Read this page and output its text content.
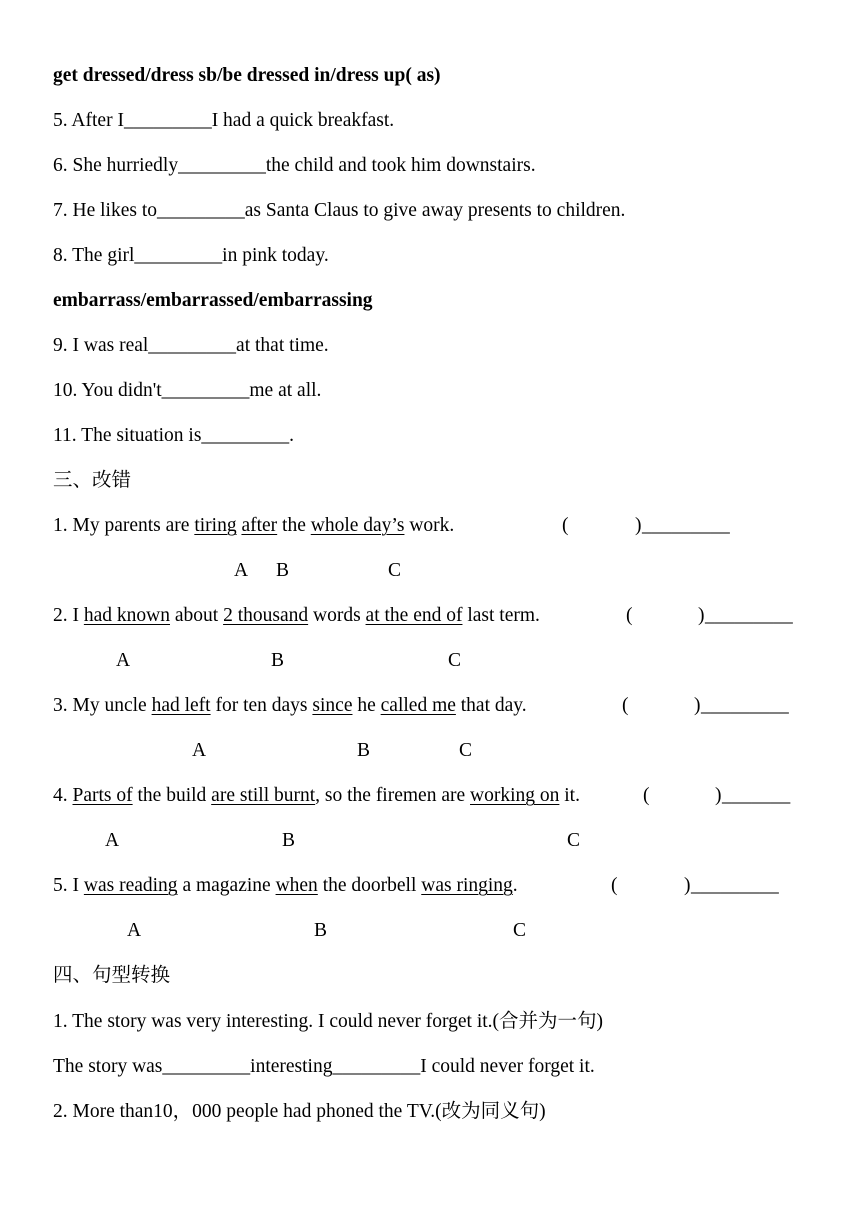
get dressed/dress sb/be dressed in/dress up( as)
5. After I_________I had a quick breakfast.
6. She hurriedly_________the child and took him downstairs.
7. He likes to_________as Santa Claus to give away presents to children.
8. The girl_________in pink today.
embarrass/embarrassed/embarrassing
9. I was real_________at that time.
10. You didn't_________me at all.
11. The situation is_________.
三、改错
1. My parents are tiring after the whole day’s work.	(	) _________
A B	C
2. I had known about 2 thousand words at the end of last term.	(	) _________
A	B	C
3. My uncle had left for ten days since he called me that day.	(	) _________
A	B	C
4. Parts of the build are still burnt, so the firemen are working on it.	(	) _______
A	B	C
5. I was reading a magazine when the doorbell was ringing.	(	) _________
A	B	C
四、句型转换
1. The story was very interesting. I could never forget it.(合并为一句)
The story was_________interesting_________I could never forget it.
2. More than10，000 people had phoned the TV.(改为同义句)
